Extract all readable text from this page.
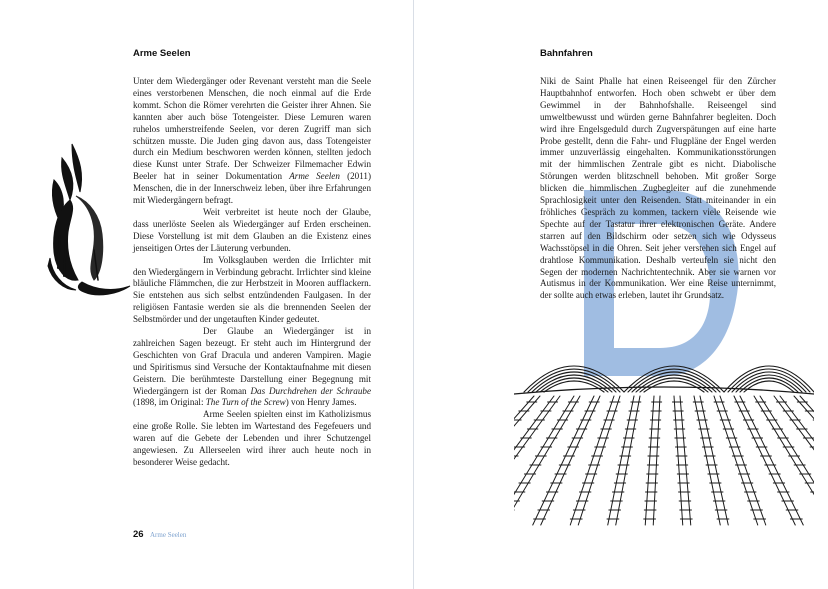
Arme Seelen

Unter dem Wiedergänger oder Revenant versteht man die Seele eines verstorbenen Menschen, die noch einmal auf die Erde kommt. Schon die Römer verehrten die Geister ihrer Ahnen. Sie kannten aber auch böse Totengeister. Diese Lemuren waren ruhelos umherstreifende Seelen, vor deren Zugriff man sich schützen musste. Die Juden ging davon aus, dass Totengeister durch ein Medium beschworen werden können, stellten jedoch diese Kunst unter Strafe. Der Schweizer Filmemacher Edwin Beeler hat in seiner Dokumentation Arme Seelen (2011) Menschen, die in der Innerschweiz leben, über ihre Erfahrungen mit Wiedergängern befragt.

Weit verbreitet ist heute noch der Glaube, dass unerlöste Seelen als Wiedergänger auf Erden erscheinen. Diese Vorstellung ist mit dem Glauben an die Existenz eines jenseitigen Ortes der Läuterung verbunden.

Im Volksglauben werden die Irrlichter mit den Wiedergängern in Verbindung gebracht. Irrlichter sind kleine bläuliche Flämmchen, die zur Herbstzeit in Mooren aufflackern. Sie entstehen aus sich selbst entzündenden Faulgasen. In der religiösen Fantasie werden sie als die brennenden Seelen der Selbstmörder und der ungetauften Kinder gedeutet.

Der Glaube an Wiedergänger ist in zahlreichen Sagen bezeugt. Er steht auch im Hintergrund der Geschichten von Graf Dracula und anderen Vampiren. Magie und Spiritismus sind Versuche der Kontaktaufnahme mit diesen Geistern. Die berühmteste Darstellung einer Begegnung mit Wiedergängern ist der Roman Das Durchdrehen der Schraube (1898, im Original: The Turn of the Screw) von Henry James.

Arme Seelen spielten einst im Katholizismus eine große Rolle. Sie lebten im Wartestand des Fegefeuers und waren auf die Gebete der Lebenden und ihrer Schutzengel angewiesen. Zu Allerseelen wird ihrer auch heute noch in besonderer Weise gedacht.

26 Arme Seelen
Bahnfahren

Niki de Saint Phalle hat einen Reiseengel für den Zürcher Hauptbahnhof entworfen. Hoch oben schwebt er über dem Gewimmel in der Bahnhofshalle. Reiseengel sind umweltbewusst und würden gerne Bahnfahrer begleiten. Doch wird ihre Engelsgeduld durch Zugverspätungen auf eine harte Probe gestellt, denn die Fahr- und Flugpläne der Engel werden immer unzuverlässig eingehalten. Kommunikationsstörungen mit der himmlischen Zentrale gibt es nicht. Diabolische Störungen werden blitzschnell behoben. Mit großer Sorge blicken die himmlischen Zugbegleiter auf die zunehmende Sprachlosigkeit unter den Reisenden. Statt miteinander in ein fröhliches Gespräch zu kommen, tackern viele Reisende wie Spechte auf der Tastatur ihrer elektronischen Geräte. Andere starren auf den Bildschirm oder setzen sich wie Odysseus Wachsstöpsel in die Ohren. Seit jeher verstehen sich Engel auf drahtlose Kommunikation. Deshalb verteufeln sie nicht den Segen der modernen Nachrichtentechnik. Aber sie warnen vor Autismus in der Kommunikation. Wer eine Reise unternimmt, der sollte auch etwas erleben, lautet ihr Grundsatz.
